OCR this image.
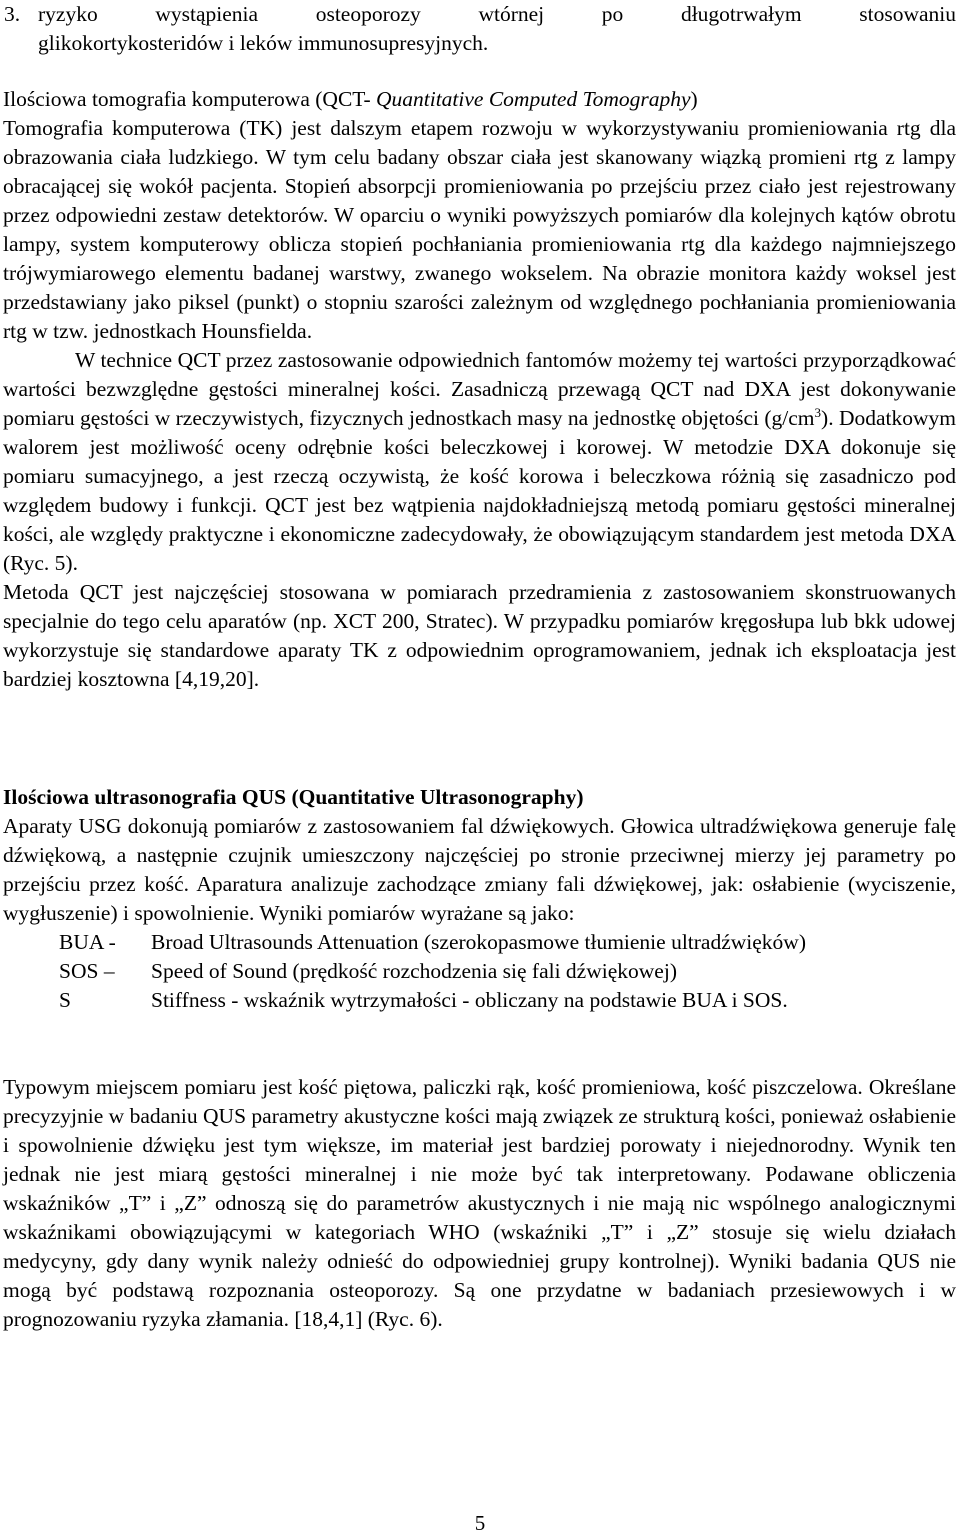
3. ryzyko wystąpienia osteoporozy wtórnej po długotrwałym stosowaniu

glikokortykosteridów i leków immunosupresyjnych.

Ilościowa tomografia komputerowa (QCT- Quantitative Computed Tomography)

Tomografia komputerowa (TK) jest dalszym etapem rozwoju w wykorzystywaniu promieniowania rtg dla obrazowania ciała ludzkiego. W tym celu badany obszar ciała jest skanowany wiązką promieni rtg z lampy obracającej się wokół pacjenta. Stopień absorpcji promieniowania po przejściu przez ciało jest rejestrowany przez odpowiedni zestaw detektorów. W oparciu o wyniki powyższych pomiarów dla kolejnych kątów obrotu lampy, system komputerowy oblicza stopień pochłaniania promieniowania rtg dla każdego najmniejszego trójwymiarowego elementu badanej warstwy, zwanego wokselem. Na obrazie monitora każdy woksel jest przedstawiany jako piksel (punkt) o stopniu szarości zależnym od względnego pochłaniania promieniowania rtg w tzw. jednostkach Hounsfielda.

W technice QCT przez zastosowanie odpowiednich fantomów możemy tej wartości przyporządkować wartości bezwzględne gęstości mineralnej kości. Zasadniczą przewagą QCT nad DXA jest dokonywanie pomiaru gęstości w rzeczywistych, fizycznych jednostkach masy na jednostkę objętości $(g/cm^3)$. Dodatkowym walorem jest możliwość oceny odrębnie kości beleczkowej i korowej. W metodzie DXA dokonuje się pomiaru sumacyjnego, a jest rzeczą oczywistą, że kość korowa i beleczkowa różnią się zasadniczo pod względem budowy i funkcji. QCT jest bez wątpienia najdokładniejszą metodą pomiaru gęstości mineralnej kości, ale względy praktyczne i ekonomiczne zadecydowały, że obowiązującym standardem jest metoda DXA (Ryc. 5).

Metoda QCT jest najczęściej stosowana w pomiarach przedramienia z zastosowaniem skonstruowanych specjalnie do tego celu aparatów (np. XCT 200, Stratec). W przypadku pomiarów kręgosłupa lub bkk udowej wykorzystuje się standardowe aparaty TK z odpowiednim oprogramowaniem, jednak ich eksploatacja jest bardziej kosztowna [4,19,20].

Ilościowa ultrasonografia QUS (Quantitative Ultrasonography)

Aparaty USG dokonują pomiarów z zastosowaniem fal dźwiękowych. Głowica ultradźwiękowa generuje falę dźwiękową, a następnie czujnik umieszczony najczęściej po stronie przeciwnej mierzy jej parametry po przejściu przez kość. Aparatura analizuje zachodzące zmiany fali dźwiękowej, jak: osłabienie (wyciszenie, wygłuszenie) i spowolnienie. Wyniki pomiarów wyrażane są jako:

BUA -	Broad Ultrasounds Attenuation (szerokopasmowe tłumienie ultradźwięków)
SOS –	Speed of Sound (prędkość rozchodzenia się fali dźwiękowej)
S	Stiffness - wskaźnik wytrzymałości - obliczany na podstawie BUA i SOS.

Typowym miejscem pomiaru jest kość piętowa, paliczki rąk, kość promieniowa, kość piszczelowa. Określane precyzyjnie w badaniu QUS parametry akustyczne kości mają związek ze strukturą kości, ponieważ osłabienie i spowolnienie dźwięku jest tym większe, im materiał jest bardziej porowaty i niejednorodny. Wynik ten jednak nie jest miarą gęstości mineralnej i nie może być tak interpretowany. Podawane obliczenia wskaźników „T” i „Z” odnoszą się do parametrów akustycznych i nie mają nic wspólnego analogicznymi wskaźnikami obowiązującymi w kategoriach WHO (wskaźniki „T” i „Z” stosuje się wielu działach medycyny, gdy dany wynik należy odnieść do odpowiedniej grupy kontrolnej). Wyniki badania QUS nie mogą być podstawą rozpoznania osteoporozy. Są one przydatne w badaniach przesiewowych i w prognozowaniu ryzyka złamania. [18,4,1] (Ryc. 6).

5
